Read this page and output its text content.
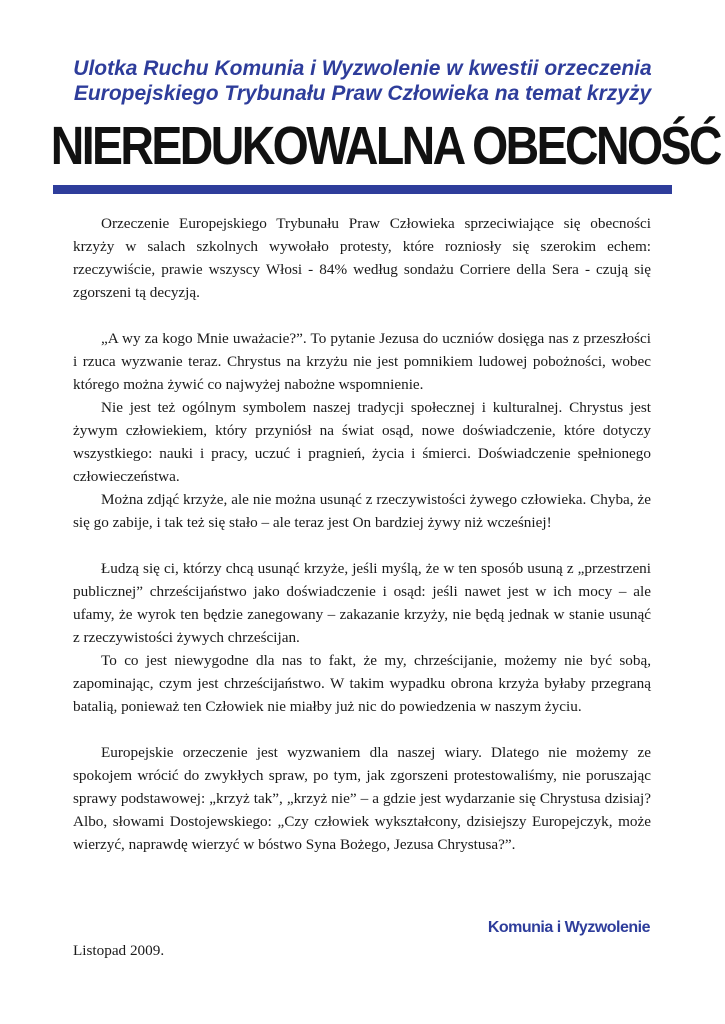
Ulotka Ruchu Komunia i Wyzwolenie w kwestii orzeczenia
Europejskiego Trybunału Praw Człowieka na temat krzyży
NIEREDUKOWALNA OBECNOŚĆ

Orzeczenie Europejskiego Trybunału Praw Człowieka sprzeciwiające się obecności krzyży w salach szkolnych wywołało protesty, które rozniosły się szerokim echem: rzeczywiście, prawie wszyscy Włosi - 84% według sondażu Corriere della Sera - czują się zgorszeni tą decyzją.

„A wy za kogo Mnie uważacie?”. To pytanie Jezusa do uczniów dosięga nas z przeszłości i rzuca wyzwanie teraz. Chrystus na krzyżu nie jest pomnikiem ludowej pobożności, wobec którego można żywić co najwyżej nabożne wspomnienie.

Nie jest też ogólnym symbolem naszej tradycji społecznej i kulturalnej. Chrystus jest żywym człowiekiem, który przyniósł na świat osąd, nowe doświadczenie, które dotyczy wszystkiego: nauki i pracy, uczuć i pragnień, życia i śmierci. Doświadczenie spełnionego człowieczeństwa.

Można zdjąć krzyże, ale nie można usunąć z rzeczywistości żywego człowieka. Chyba, że się go zabije, i tak też się stało – ale teraz jest On bardziej żywy niż wcześniej!

Łudzą się ci, którzy chcą usunąć krzyże, jeśli myślą, że w ten sposób usuną z „przestrzeni publicznej” chrześcijaństwo jako doświadczenie i osąd: jeśli nawet jest w ich mocy – ale ufamy, że wyrok ten będzie zanegowany – zakazanie krzyży, nie będą jednak w stanie usunąć z rzeczywistości żywych chrześcijan.

To co jest niewygodne dla nas to fakt, że my, chrześcijanie, możemy nie być sobą, zapominając, czym jest chrześcijaństwo. W takim wypadku obrona krzyża byłaby przegraną batalią, ponieważ ten Człowiek nie miałby już nic do powiedzenia w naszym życiu.

Europejskie orzeczenie jest wyzwaniem dla naszej wiary. Dlatego nie możemy ze spokojem wrócić do zwykłych spraw, po tym, jak zgorszeni protestowaliśmy, nie poruszając sprawy podstawowej: „krzyż tak”, „krzyż nie” – a gdzie jest wydarzanie się Chrystusa dzisiaj? Albo, słowami Dostojewskiego: „Czy człowiek wykształcony, dzisiejszy Europejczyk, może wierzyć, naprawdę wierzyć w bóstwo Syna Bożego, Jezusa Chrystusa?”.

Komunia i Wyzwolenie
Listopad 2009.
